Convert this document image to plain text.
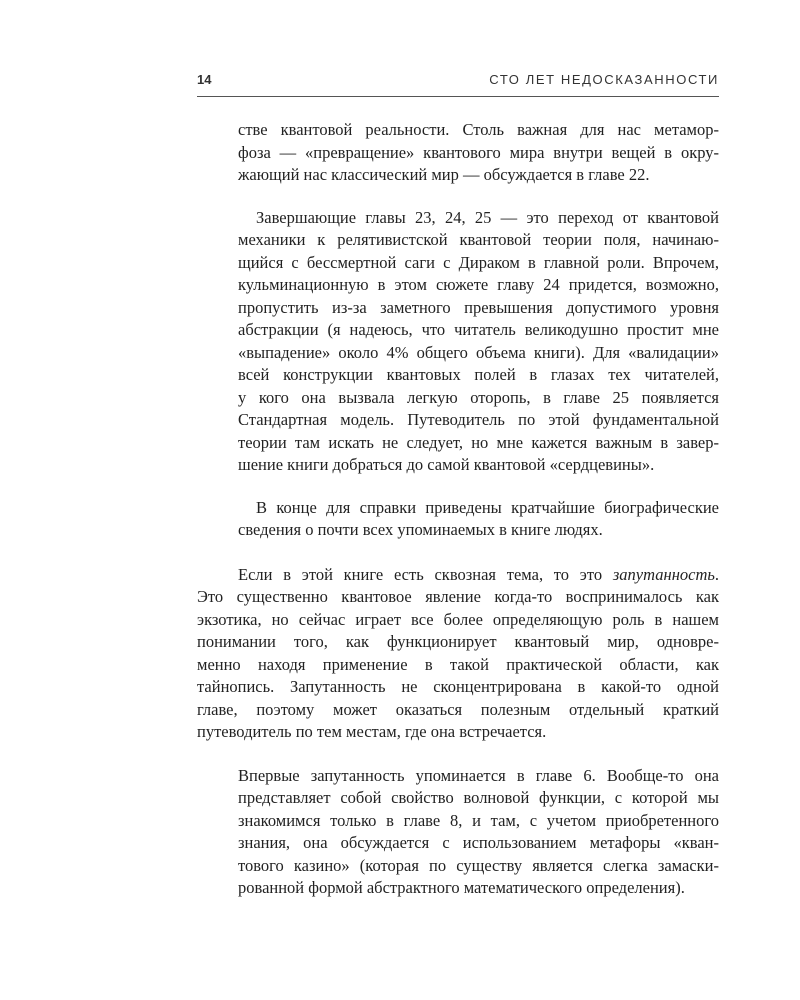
14	СТО ЛЕТ НЕДОСКАЗАННОСТИ

стве квантовой реальности. Столь важная для нас метамор-
фоза — «превращение» квантового мира внутри вещей в окру-
жающий нас классический мир — обсуждается в главе 22.

Завершающие главы 23, 24, 25 — это переход от квантовой
механики к релятивистской квантовой теории поля, начинаю-
щийся с бессмертной саги с Дираком в главной роли. Впрочем,
кульминационную в этом сюжете главу 24 придется, возможно,
пропустить из-за заметного превышения допустимого уровня
абстракции (я надеюсь, что читатель великодушно простит мне
«выпадение» около 4% общего объема книги). Для «валидации»
всей конструкции квантовых полей в глазах тех читателей,
у кого она вызвала легкую оторопь, в главе 25 появляется
Стандартная модель. Путеводитель по этой фундаментальной
теории там искать не следует, но мне кажется важным в завер-
шение книги добраться до самой квантовой «сердцевины».

В конце для справки приведены кратчайшие биографические
сведения о почти всех упоминаемых в книге людях.

Если в этой книге есть сквозная тема, то это запутанность.
Это существенно квантовое явление когда-то воспринималось как
экзотика, но сейчас играет все более определяющую роль в нашем
понимании того, как функционирует квантовый мир, одновре-
менно находя применение в такой практической области, как
тайнопись. Запутанность не сконцентрирована в какой-то одной
главе, поэтому может оказаться полезным отдельный краткий
путеводитель по тем местам, где она встречается.

Впервые запутанность упоминается в главе 6. Вообще-то она
представляет собой свойство волновой функции, с которой мы
знакомимся только в главе 8, и там, с учетом приобретенного
знания, она обсуждается с использованием метафоры «кван-
тового казино» (которая по существу является слегка замаски-
рованной формой абстрактного математического определения).
